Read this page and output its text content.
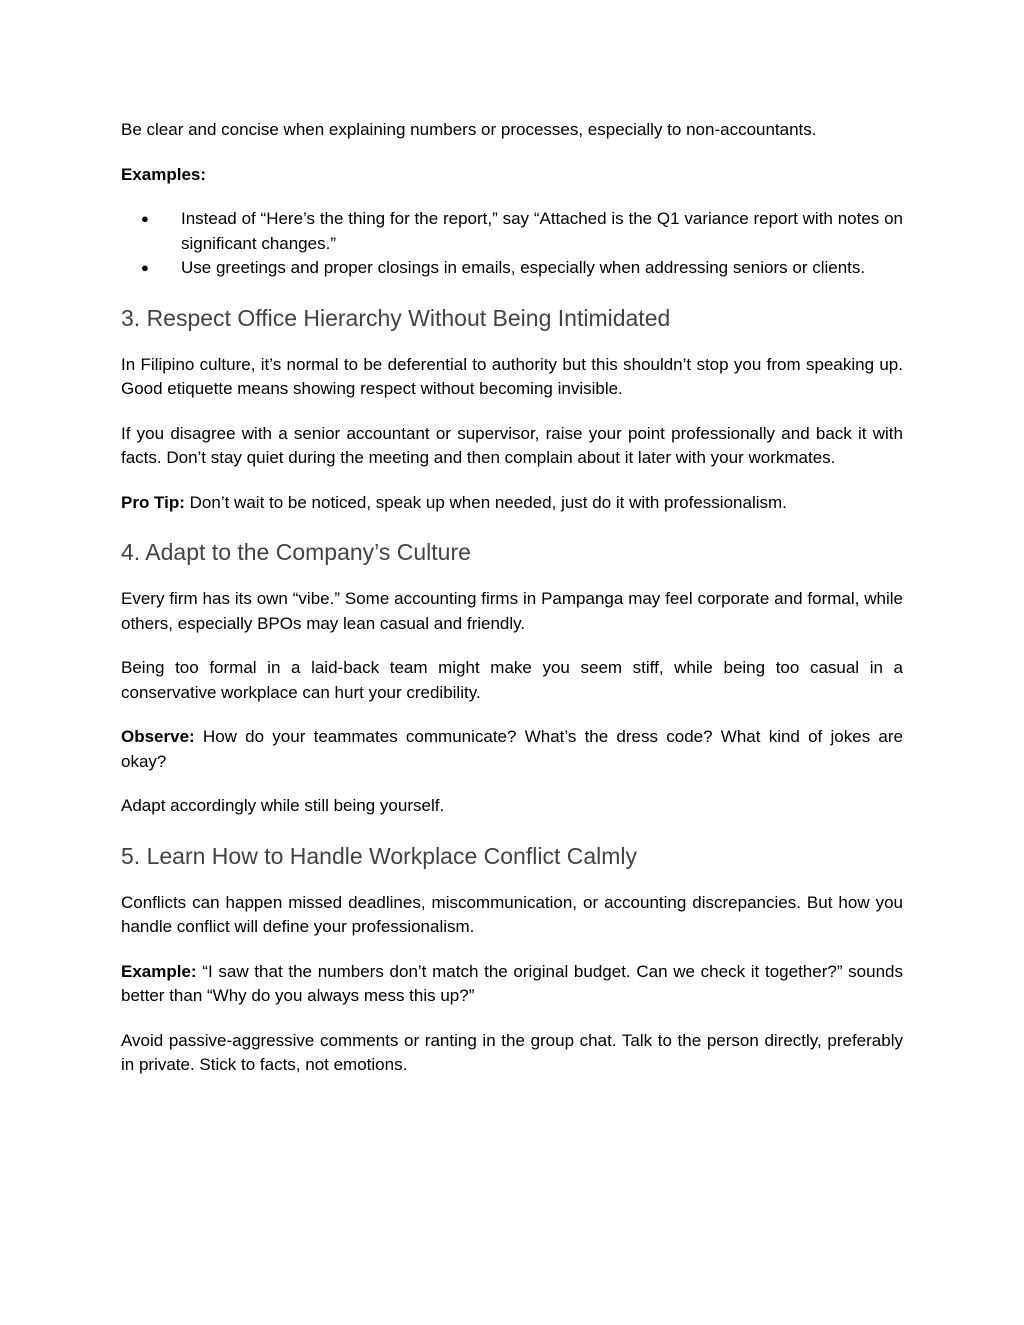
Be clear and concise when explaining numbers or processes, especially to non-accountants.

Examples:

● Instead of “Here’s the thing for the report,” say “Attached is the Q1 variance report with notes on significant changes.”
● Use greetings and proper closings in emails, especially when addressing seniors or clients.
3. Respect Office Hierarchy Without Being Intimidated

In Filipino culture, it’s normal to be deferential to authority but this shouldn’t stop you from speaking up. Good etiquette means showing respect without becoming invisible.

If you disagree with a senior accountant or supervisor, raise your point professionally and back it with facts. Don’t stay quiet during the meeting and then complain about it later with your workmates.

Pro Tip: Don’t wait to be noticed, speak up when needed, just do it with professionalism.

4. Adapt to the Company’s Culture

Every firm has its own “vibe.” Some accounting firms in Pampanga may feel corporate and formal, while others, especially BPOs may lean casual and friendly.

Being too formal in a laid-back team might make you seem stiff, while being too casual in a conservative workplace can hurt your credibility.

Observe: How do your teammates communicate? What’s the dress code? What kind of jokes are okay?

Adapt accordingly while still being yourself.

5. Learn How to Handle Workplace Conflict Calmly

Conflicts can happen missed deadlines, miscommunication, or accounting discrepancies. But how you handle conflict will define your professionalism.

Example: “I saw that the numbers don’t match the original budget. Can we check it together?” sounds better than “Why do you always mess this up?”

Avoid passive-aggressive comments or ranting in the group chat. Talk to the person directly, preferably in private. Stick to facts, not emotions.
